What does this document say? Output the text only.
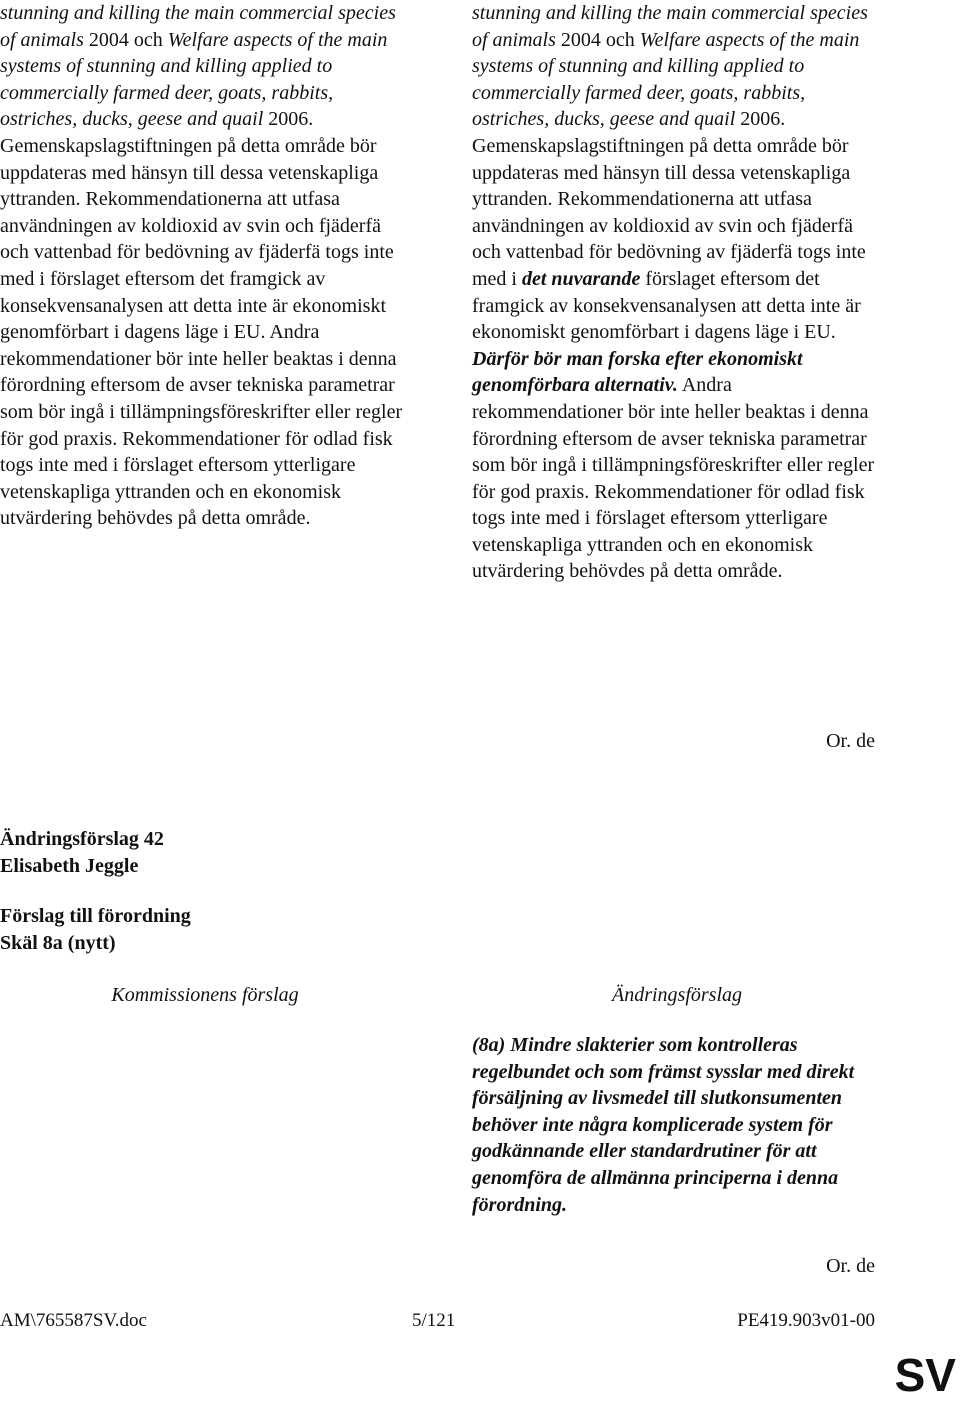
stunning and killing the main commercial species of animals 2004 och Welfare aspects of the main systems of stunning and killing applied to commercially farmed deer, goats, rabbits, ostriches, ducks, geese and quail 2006. Gemenskapslagstiftningen på detta område bör uppdateras med hänsyn till dessa vetenskapliga yttranden. Rekommendationerna att utfasa användningen av koldioxid av svin och fjäderfä och vattenbad för bedövning av fjäderfä togs inte med i förslaget eftersom det framgick av konsekvensanalysen att detta inte är ekonomiskt genomförbart i dagens läge i EU. Andra rekommendationer bör inte heller beaktas i denna förordning eftersom de avser tekniska parametrar som bör ingå i tillämpningsföreskrifter eller regler för god praxis. Rekommendationer för odlad fisk togs inte med i förslaget eftersom ytterligare vetenskapliga yttranden och en ekonomisk utvärdering behövdes på detta område.

stunning and killing the main commercial species of animals 2004 och Welfare aspects of the main systems of stunning and killing applied to commercially farmed deer, goats, rabbits, ostriches, ducks, geese and quail 2006. Gemenskapslagstiftningen på detta område bör uppdateras med hänsyn till dessa vetenskapliga yttranden. Rekommendationerna att utfasa användningen av koldioxid av svin och fjäderfä och vattenbad för bedövning av fjäderfä togs inte med i det nuvarande förslaget eftersom det framgick av konsekvensanalysen att detta inte är ekonomiskt genomförbart i dagens läge i EU. Därför bör man forska efter ekonomiskt genomförbara alternativ. Andra rekommendationer bör inte heller beaktas i denna förordning eftersom de avser tekniska parametrar som bör ingå i tillämpningsföreskrifter eller regler för god praxis. Rekommendationer för odlad fisk togs inte med i förslaget eftersom ytterligare vetenskapliga yttranden och en ekonomisk utvärdering behövdes på detta område.

Or. de
Ändringsförslag 42
Elisabeth Jeggle
Förslag till förordning
Skäl 8a (nytt)
Kommissionens förslag	Ändringsförslag
(8a) Mindre slakterier som kontrolleras regelbundet och som främst sysslar med direkt försäljning av livsmedel till slutkonsumenten behöver inte några komplicerade system för godkännande eller standardrutiner för att genomföra de allmänna principerna i denna förordning.
Or. de
AM\765587SV.doc	5/121	PE419.903v01-00
SV
